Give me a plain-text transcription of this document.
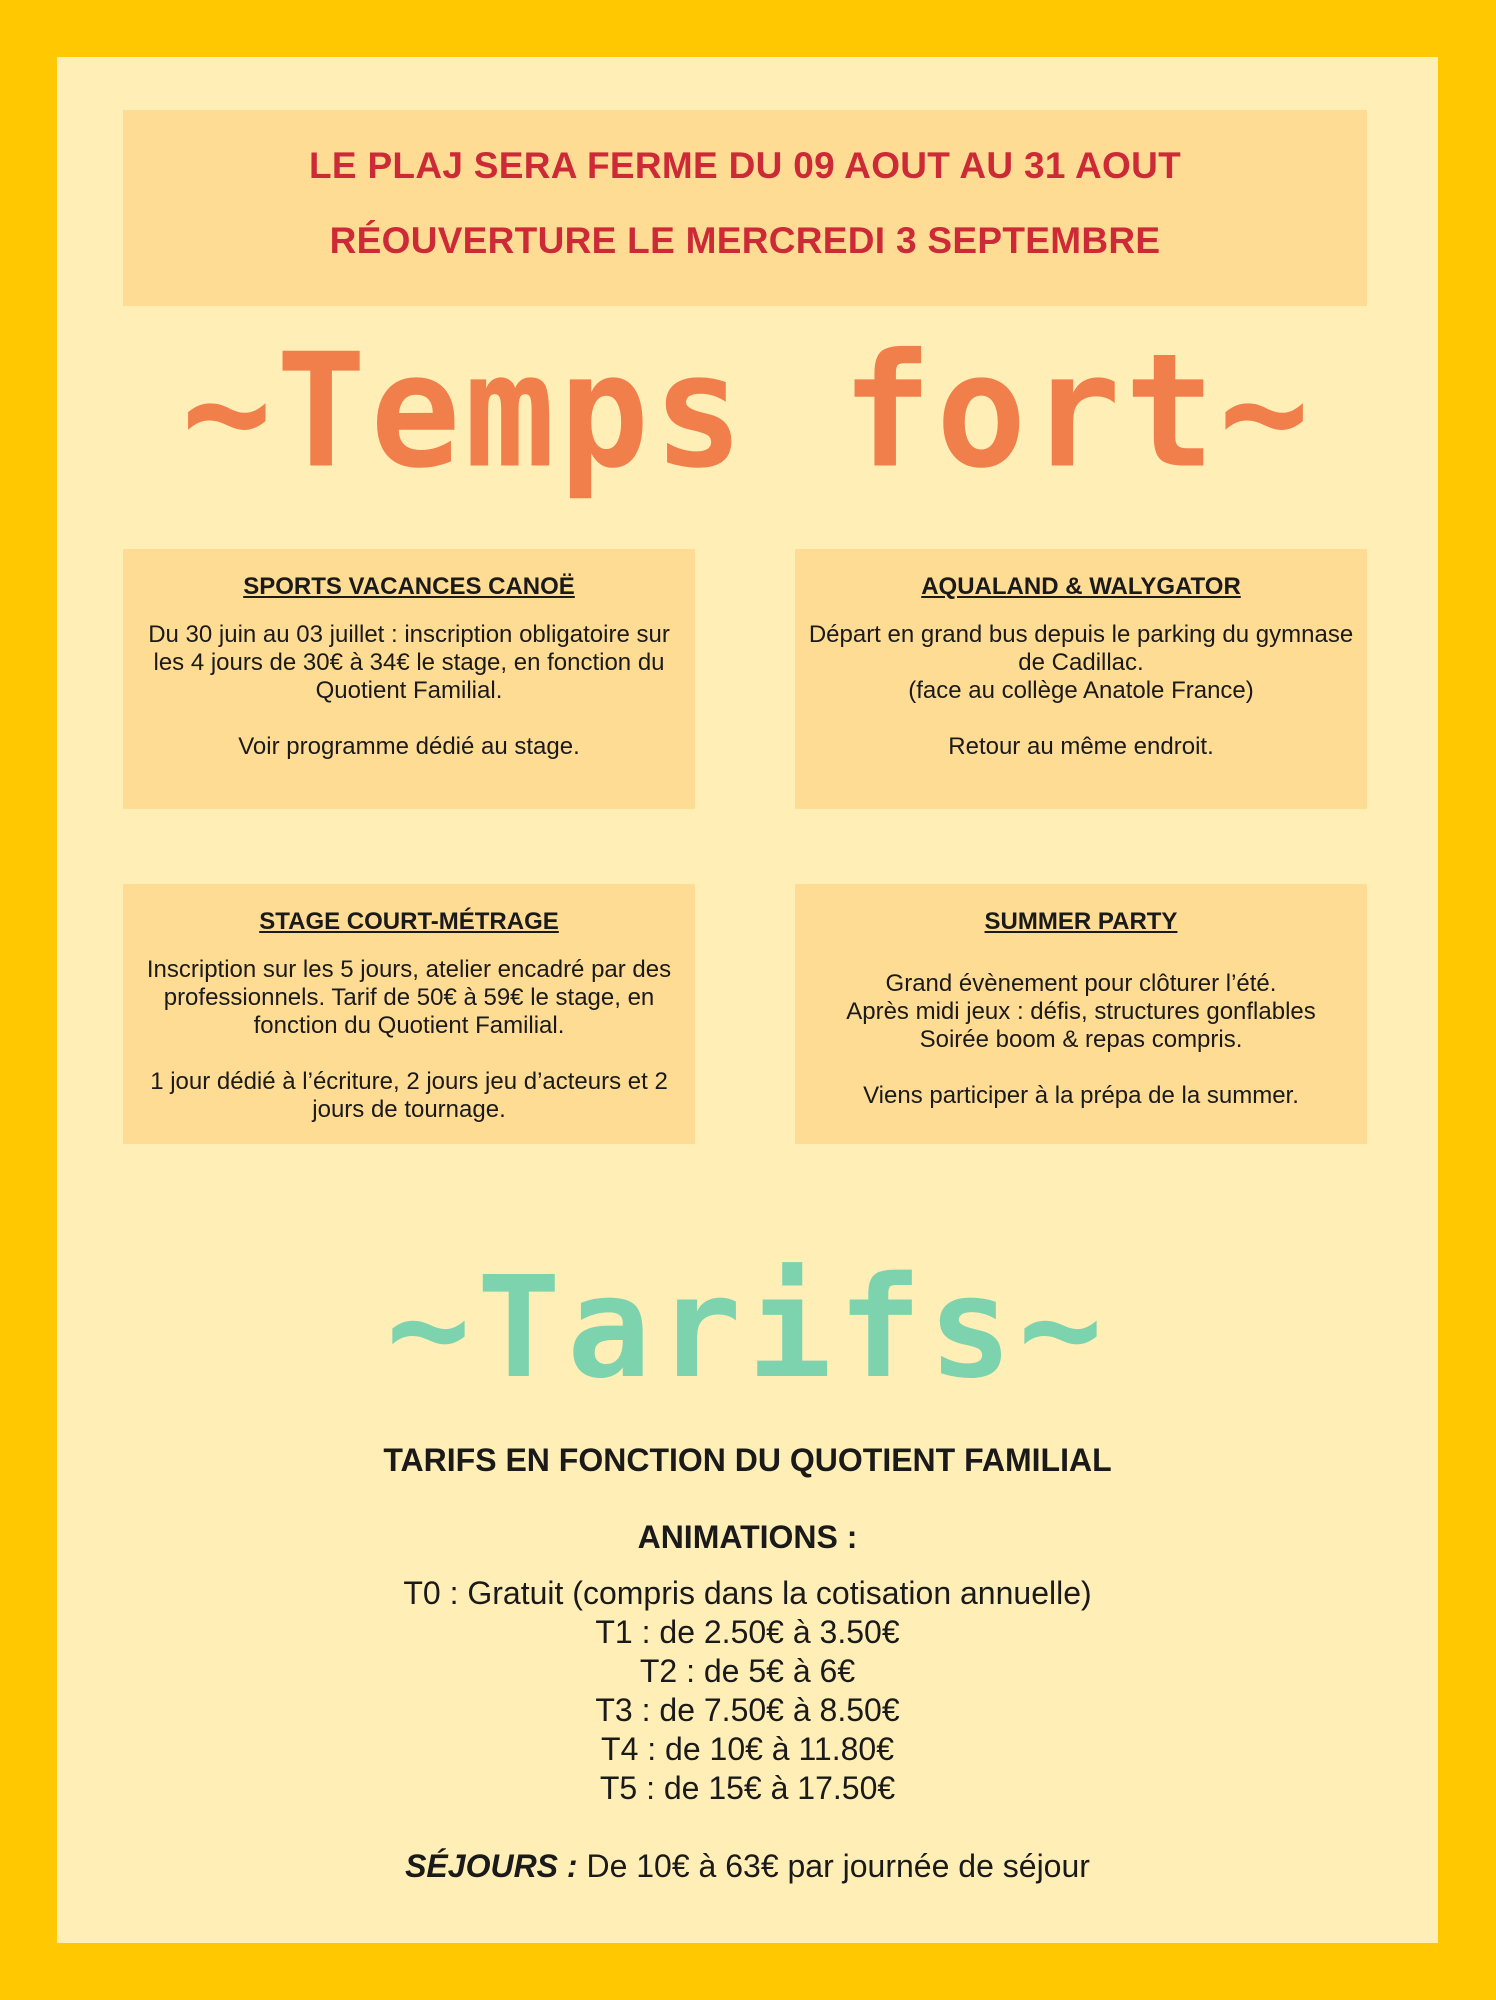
LE PLAJ SERA FERME DU 09 AOUT AU 31 AOUT
RÉOUVERTURE LE MERCREDI 3 SEPTEMBRE
~Temps fort~
SPORTS VACANCES CANOË

Du 30 juin au 03 juillet : inscription obligatoire sur les 4 jours de 30€ à 34€ le stage, en fonction du Quotient Familial.

Voir programme dédié au stage.

AQUALAND & WALYGATOR

Départ en grand bus depuis le parking du gymnase de Cadillac.
(face au collège Anatole France)

Retour au même endroit.

STAGE COURT-MÉTRAGE

Inscription sur les 5 jours, atelier encadré par des professionnels. Tarif de 50€ à 59€ le stage, en fonction du Quotient Familial.

1 jour dédié à l’écriture, 2 jours jeu d’acteurs et 2 jours de tournage.

SUMMER PARTY

Grand évènement pour clôturer l’été.
Après midi jeux : défis, structures gonflables
Soirée boom & repas compris.

Viens participer à la prépa de la summer.

~Tarifs~
TARIFS EN FONCTION DU QUOTIENT FAMILIAL
ANIMATIONS :
T0 : Gratuit (compris dans la cotisation annuelle)
T1 : de 2.50€ à 3.50€
T2 : de 5€ à 6€
T3 : de 7.50€ à 8.50€
T4 : de 10€ à 11.80€
T5 : de 15€ à 17.50€
SÉJOURS : De 10€ à 63€ par journée de séjour
